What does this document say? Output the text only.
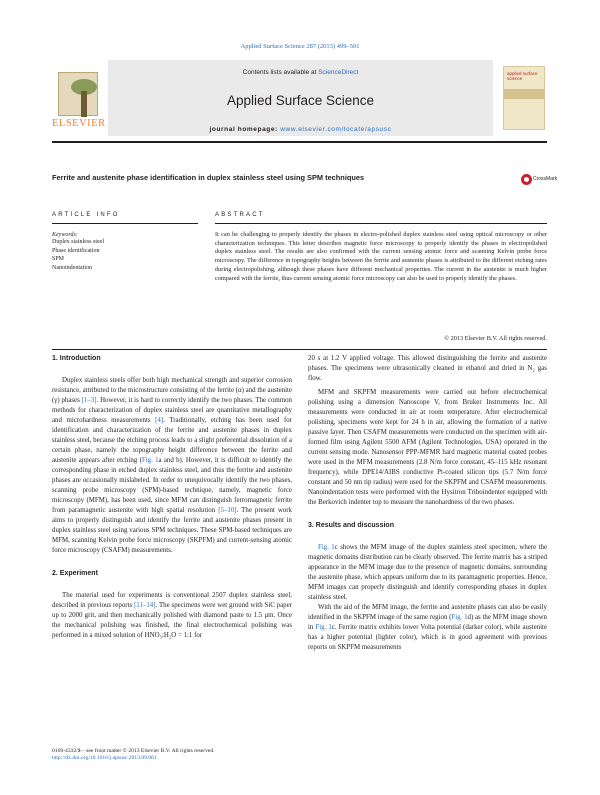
Applied Surface Science 287 (2013) 499–501
ELSEVIER
Contents lists available at ScienceDirect
Applied Surface Science
journal homepage: www.elsevier.com/locate/apsusc
applied surface science
Ferrite and austenite phase identification in duplex stainless steel using SPM techniques	CrossMark
ARTICLE INFO	ABSTRACT
Keywords:
Duplex stainless steel
Phase identification
SPM
Nanoindentation
It can be challenging to properly identify the phases in electro-polished duplex stainless steel using optical microscopy or other characterization techniques. This letter describes magnetic force microscopy to properly identify the phases in electropolished duplex stainless steel. The results are also confirmed with the current sensing atomic force and scanning Kelvin probe force microscopy. The difference in topography heights between the ferrite and austenite phases is attributed to the different etching rates during electropolishing, although these phases have different mechanical properties. The current in the austenite is much higher compared with the ferrite, thus current sensing atomic force microscopy can also be used to properly identify the phases.
© 2013 Elsevier B.V. All rights reserved.
1. Introduction

Duplex stainless steels offer both high mechanical strength and superior corrosion resistance, attributed to the microstructure consisting of the ferrite (α) and the austenite (γ) phases [1–3]. However, it is hard to correctly identify the two phases. The common methods for characterization of duplex stainless steel are quantitative metallography and microhardness measurements [4]. Traditionally, etching has been used for identification and characterization of the ferrite and austenite phases in duplex stainless steel, because the etching process leads to a slight preferential dissolution of a certain phase, namely the topography height difference between the ferrite and austenite appears after etching (Fig. 1a and b). However, it is difficult to identify the corresponding phase in etched duplex stainless steel, and thus the ferrite and austenite phases are occasionally mislabeled. In order to unequivocally identify the two phases, scanning probe microscopy (SPM)-based technique, namely, magnetic force microscopy (MFM), has been used, since MFM can distinguish ferromagnetic ferrite from paramagnetic austenite with high spatial resolution [5–10]. The present work aims to properly distinguish and identify the ferrite and austenite phases present in duplex stainless steel using various SPM techniques. These SPM-based techniques are MFM, scanning Kelvin probe force microscopy (SKPFM) and current-sensing atomic force microscopy (CSAFM) measurements.

2. Experiment

The material used for experiments is conventional 2507 duplex stainless steel, described in previous reports [11–14]. The specimens were wet ground with SiC paper up to 2000 grit, and then mechanically polished with diamond paste to 1.5 μm. Once the mechanical polishing was finished, the final electrochemical polishing was performed in a mixed solution of HNO₃:H₂O = 1:1 for

20 s at 1.2 V applied voltage. This allowed distinguishing the ferrite and austenite phases. The specimens were ultrasonically cleaned in ethanol and dried in N₂ gas flow.

MFM and SKPFM measurements were carried out before electrochemical polishing using a dimension Nanoscope V, from Bruker Instruments Inc. All measurements were conducted in air at room temperature. After electrochemical polishing, specimens were kept for 24 h in air, allowing the formation of a native passive layer. Then CSAFM measurements were conducted on the specimen with air-formed film using Agilent 5500 AFM (Agilent Technologies, USA) operated in the current sensing mode. Nanosensor PPP-MFMR hard magnetic material coated probes were used in the MFM measurements (2.8 N/m force constant, 45–115 kHz resonant frequency), while DPE14/AIBS conductive Pt-coated silicon tips (5.7 N/m force constant and 50 nm tip radius) were used for the SKPFM and CSAFM measurements. Nanoindentation tests were performed with the Hysitron Triboindenter equipped with the Berkovich indenter top to measure the nanohardness of the two phases.

3. Results and discussion

Fig. 1c shows the MFM image of the duplex stainless steel specimen, where the magnetic domains distribution can be clearly observed. The ferrite matrix has a striped appearance in the MFM image due to the presence of magnetic domains, surrounding the austenite phase, which appears uniform due to its paramagnetic properties. Hence, MFM images can properly distinguish and identify corresponding phases in duplex stainless steel.

With the aid of the MFM image, the ferrite and austenite phases can also be easily identified in the SKPFM image of the same region (Fig. 1d) as the MFM image shown in Fig. 1c. Ferrite matrix exhibits lower Volta potential (darker color), while austenite has a higher potential (lighter color), which is in good agreement with previous reports on SKPFM measurements

0169-4332/$ – see front matter © 2013 Elsevier B.V. All rights reserved.
http://dx.doi.org/10.1016/j.apsusc.2013.09.061
